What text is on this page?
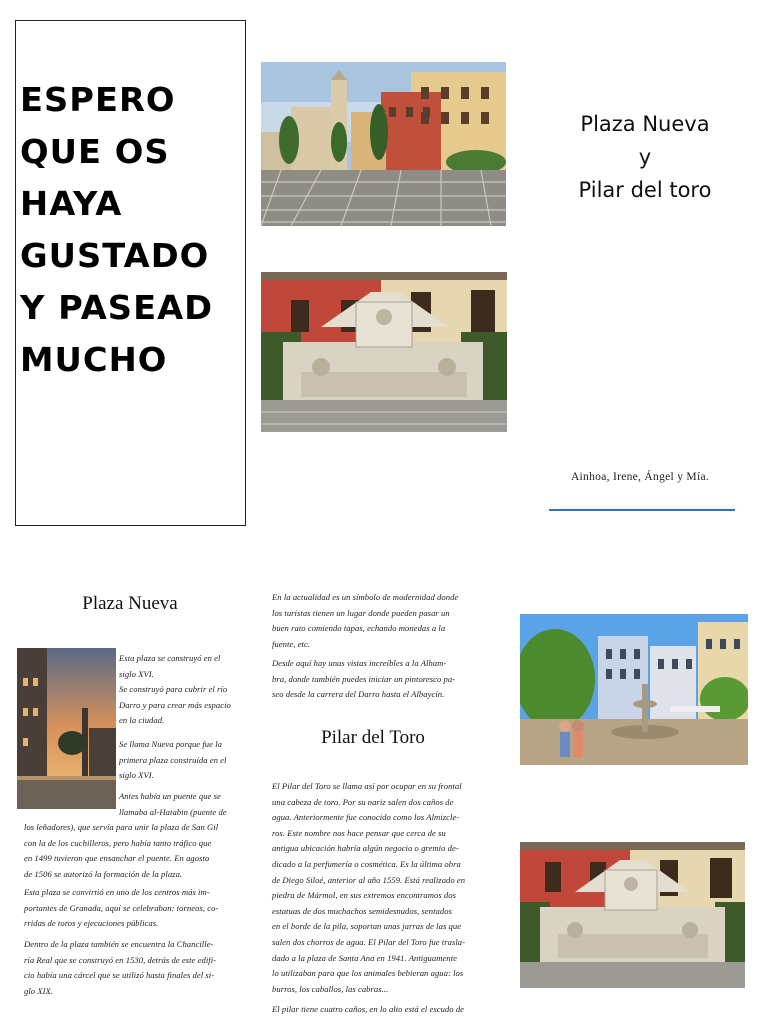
ESPERO
QUE OS
HAYA
GUSTADO
Y PASEAD
MUCHO
Plaza Nueva
y
Pilar del toro
Ainhoa, Irene, Ángel y Mía.
Plaza Nueva
Esta plaza se construyó en el
siglo XVI.
Se construyó para cubrir el río
Darro y para crear más espacio
en la ciudad.
Se llama Nueva porque fue la
primera plaza construída en el
siglo XVI.
Antes había un puente que se
llamaba al-Hatabin (puente de
los leñadores), que servía para unir la plaza de San Gil
con la de los cuchilleros, pero había tanto tráfico que
en 1499 tuvieron que ensanchar el puente. En agosto
de 1506 se autorizó la formación de la plaza.
Esta plaza se convirtió en uno de los centros más im-
portantes de Granada, aquí se celebraban: torneos, co-
rridas de toros y ejecuciones públicas.
Dentro de la plaza también se encuentra la Chancille-
ría Real que se construyó en 1530, detrás de este edifi-
cio había una cárcel que se utilizó hasta finales del si-
glo XIX.
En la actualidad es un símbolo de modernidad donde
los turistas tienen un lugar donde pueden pasar un
buen rato comiendo tapas, echando monedas a la
fuente, etc.
Desde aquí hay unas vistas increíbles a la Alham-
bra, donde también puedes iniciar un pintoresco pa-
seo desde la carrera del Darro hasta el Albaycín.
Pilar del Toro
El Pilar del Toro se llama así por ocupar en su frontal
una cabeza de toro. Por su nariz salen dos caños de
agua. Anteriormente fue conocido como los Almizcle-
ros. Este nombre nos hace pensar que cerca de su
antigua ubicación habría algún negocio o gremio de-
dicado a la perfumería o cosmética. Es la última obra
de Diego Siloé, anterior al año 1559. Está realizado en
piedra de Mármol, en sus extremos encontramos dos
estatuas de dos muchachos semidesnudos, sentados
en el borde de la pila, soportan unas jarras de las que
salen dos chorros de agua. El Pilar del Toro fue trasla-
dado a la plaza de Santa Ana en 1941. Antiguamente
lo utilizaban para que los animales bebieran agua: los
burros, los caballos, las cabras...
El pilar tiene cuatro caños, en lo alto está el escudo de
